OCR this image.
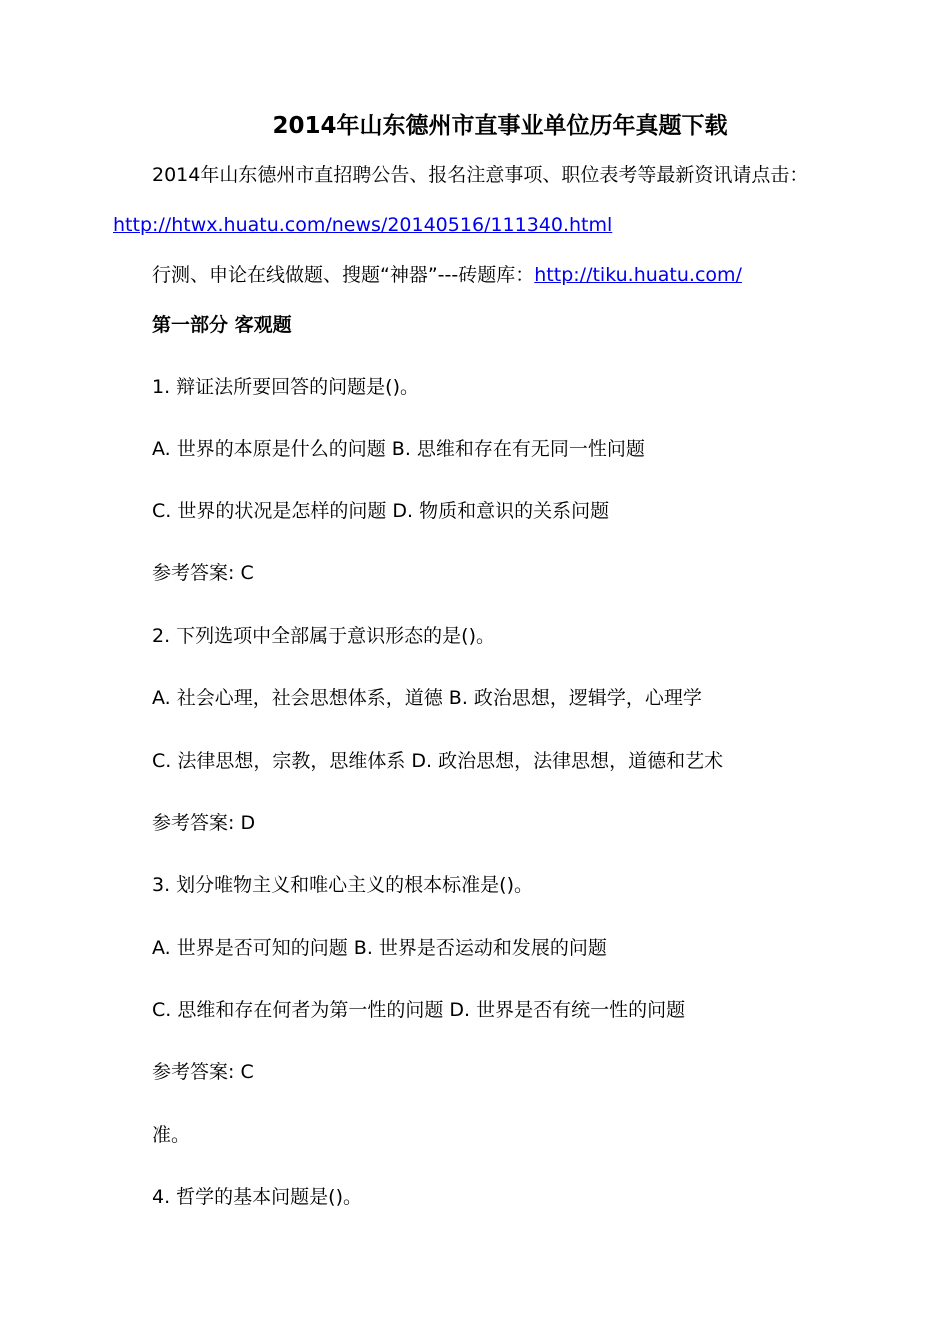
2014年山东德州市直事业单位历年真题下载
2014年山东德州市直招聘公告、报名注意事项、职位表考等最新资讯请点击：
http://htwx.huatu.com/news/20140516/111340.html
行测、申论在线做题、搜题“神器”---砖题库：http://tiku.huatu.com/
第一部分 客观题
1. 辩证法所要回答的问题是()。
A. 世界的本原是什么的问题 B. 思维和存在有无同一性问题
C. 世界的状况是怎样的问题 D. 物质和意识的关系问题
参考答案: C
2. 下列选项中全部属于意识形态的是()。
A. 社会心理，社会思想体系，道德 B. 政治思想，逻辑学，心理学
C. 法律思想，宗教，思维体系 D. 政治思想，法律思想，道德和艺术
参考答案: D
3. 划分唯物主义和唯心主义的根本标准是()。
A. 世界是否可知的问题 B. 世界是否运动和发展的问题
C. 思维和存在何者为第一性的问题 D. 世界是否有统一性的问题
参考答案: C
准。
4. 哲学的基本问题是()。
